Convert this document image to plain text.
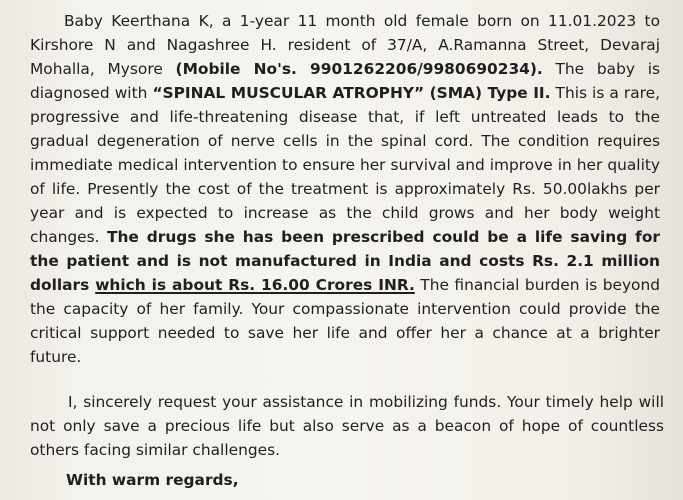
Baby Keerthana K, a 1-year 11 month old female born on 11.01.2023 to Kirshore N and Nagashree H. resident of 37/A, A.Ramanna Street, Devaraj Mohalla, Mysore (Mobile No's. 9901262206/9980690234). The baby is diagnosed with “SPINAL MUSCULAR ATROPHY” (SMA) Type II. This is a rare, progressive and life-threatening disease that, if left untreated leads to the gradual degeneration of nerve cells in the spinal cord. The condition requires immediate medical intervention to ensure her survival and improve in her quality of life. Presently the cost of the treatment is approximately Rs. 50.00lakhs per year and is expected to increase as the child grows and her body weight changes. The drugs she has been prescribed could be a life saving for the patient and is not manufactured in India and costs Rs. 2.1 million dollars which is about Rs. 16.00 Crores INR. The financial burden is beyond the capacity of her family. Your compassionate intervention could provide the critical support needed to save her life and offer her a chance at a brighter future.

I, sincerely request your assistance in mobilizing funds. Your timely help will not only save a precious life but also serve as a beacon of hope of countless others facing similar challenges.

With warm regards,
